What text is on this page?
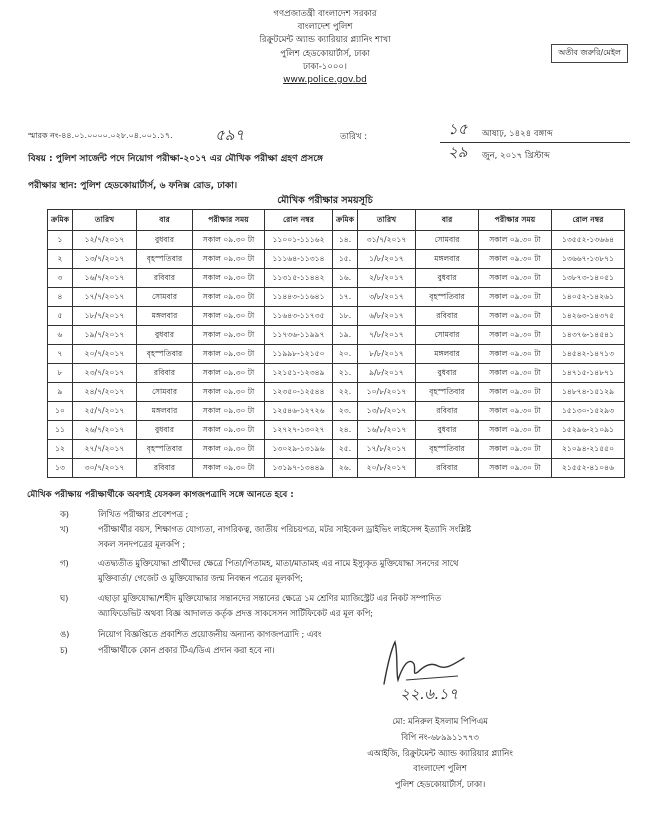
গণপ্রজাতন্ত্রী বাংলাদেশ সরকার
বাংলাদেশ পুলিশ
রিক্রুটমেন্ট অ্যান্ড ক্যারিয়ার প্ল্যানিং শাখা
পুলিশ হেডকোয়ার্টার্স, ঢাকা
ঢাকা-১০০০।
www.police.gov.bd
অতীব জরুরি/মেইল
স্মারক নং-৪৪.০১.০০০০.০২৮.০৪.০০১.১৭.	৫৯৭	তারিখ :	১৫ আষাঢ়, ১৪২৪ বঙ্গাব্দ
২৯ জুন, ২০১৭ খ্রিস্টাব্দ
বিষয় : পুলিশ সার্জেন্ট পদে নিয়োগ পরীক্ষা-২০১৭ এর মৌখিক পরীক্ষা গ্রহণ প্রসঙ্গে
পরীক্ষার স্থান: পুলিশ হেডকোয়ার্টার্স, ৬ ফনিক্স রোড, ঢাকা।
মৌখিক পরীক্ষার সময়সূচি
ক্রমিক	তারিখ	বার	পরীক্ষার সময়	রোল নম্বর	ক্রমিক	তারিখ	বার	পরীক্ষার সময়	রোল নম্বর
১	১২/৭/২০১৭	বুধবার	সকাল ০৯.৩০ টা	১১০০১-১১১৬২	১৪.	৩১/৭/২০১৭	সোমবার	সকাল ০৯.৩০ টা	১৩৫৫২-১৩৬৬৪
২	১৩/৭/২০১৭	বৃহস্পতিবার	সকাল ০৯.৩০ টা	১১১৬৪-১১৩১৪	১৫.	১/৮/২০১৭	মঙ্গলবার	সকাল ০৯.৩০ টা	১৩৬৬৭-১৩৮৭১
৩	১৬/৭/২০১৭	রবিবার	সকাল ০৯.৩০ টা	১১৩১৫-১১৪৪২	১৬.	২/৮/২০১৭	বুধবার	সকাল ০৯.৩০ টা	১৩৮৭৩-১৪০৫১
৪	১৭/৭/২০১৭	সোমবার	সকাল ০৯.৩০ টা	১১৪৪৩-১১৬৪১	১৭.	৩/৮/২০১৭	বৃহস্পতিবার	সকাল ০৯.৩০ টা	১৪০৫২-১৪২৬১
৫	১৮/৭/২০১৭	মঙ্গলবার	সকাল ০৯.৩০ টা	১১৬৪৩-১১৭৩৫	১৮.	৬/৮/২০১৭	রবিবার	সকাল ০৯.৩০ টা	১৪২৬৩-১৪৩৭৫
৬	১৯/৭/২০১৭	বুধবার	সকাল ০৯.৩০ টা	১১৭৩৬-১১৯৯৭	১৯.	৭/৮/২০১৭	সোমবার	সকাল ০৯.৩০ টা	১৪৩৭৬-১৪৫৪১
৭	২০/৭/২০১৭	বৃহস্পতিবার	সকাল ০৯.৩০ টা	১১৯৯৮-১২১৫০	২০.	৮/৮/২০১৭	মঙ্গলবার	সকাল ০৯.৩০ টা	১৪৫৪২-১৪৭১৩
৮	২৩/৭/২০১৭	রবিবার	সকাল ০৯.৩০ টা	১২১৫১-১২৩৪৯	২১.	৯/৮/২০১৭	বুধবার	সকাল ০৯.৩০ টা	১৪৭১৫-১৪৮৭১
৯	২৪/৭/২০১৭	সোমবার	সকাল ০৯.৩০ টা	১২৩৫০-১২৫৪৪	২২.	১০/৮/২০১৭	বৃহস্পতিবার	সকাল ০৯.৩০ টা	১৪৮৭৪-১৫১২৯
১০	২৫/৭/২০১৭	মঙ্গলবার	সকাল ০৯.৩০ টা	১২৫৪৬-১২৭২৬	২৩.	১৩/৮/২০১৭	রবিবার	সকাল ০৯.৩০ টা	১৫১৩০-১৫২৯৩
১১	২৬/৭/২০১৭	বুধবার	সকাল ০৯.৩০ টা	১২৭২৭-১৩০২৭	২৪.	১৬/৮/২০১৭	বুধবার	সকাল ০৯.৩০ টা	১৫২৯৬-২১০৯১
১২	২৭/৭/২০১৭	বৃহস্পতিবার	সকাল ০৯.৩০ টা	১৩০২৯-১৩১৯৬	২৫.	১৭/৮/২০১৭	বৃহস্পতিবার	সকাল ০৯.৩০ টা	২১০৯৪-২১৫৫০
১৩	৩০/৭/২০১৭	রবিবার	সকাল ০৯.৩০ টা	১৩১৯৭-১৩৪৪৯	২৬.	২০/৮/২০১৭	রবিবার	সকাল ০৯.৩০ টা	২১৫৫২-৪১০৪৬
মৌখিক পরীক্ষায় পরীক্ষার্থীকে অবশ্যই যেসকল কাগজপত্রাদি সঙ্গে আনতে হবে :
ক)	লিখিত পরীক্ষার প্রবেশপত্র ;
খ)	পরীক্ষার্থীর বয়স, শিক্ষাগত যোগ্যতা, নাগরিকত্ব, জাতীয় পরিচয়পত্র, মটর সাইকেল ড্রাইভিং লাইসেন্স ইত্যাদি সংশ্লিষ্ট
সকল সনদপত্রের মূলকপি ;
গ)	এতদ্ব্যতীত মুক্তিযোদ্ধা প্রার্থীদের ক্ষেত্রে পিতা/পিতামহ, মাতা/মাতামহ এর নামে ইস্যুকৃত মুক্তিযোদ্ধা সনদের সাথে
মুক্তিবার্তা/ গেজেট ও মুক্তিযোদ্ধার জন্ম নিবন্ধন পত্রের মূলকপি;
ঘ)	এছাড়া মুক্তিযোদ্ধা/শহীদ মুক্তিযোদ্ধার সন্তানদের সন্তানের ক্ষেত্রে ১ম শ্রেণির ম্যাজিস্ট্রেট এর নিকট সম্পাদিত
অ্যাফিডেভিট অথবা বিজ্ঞ আদালত কর্তৃক প্রদত্ত সাকসেসন সার্টিফিকেট এর মূল কপি;
ঙ)	নিয়োগ বিজ্ঞপ্তিতে প্রকাশিত প্রয়োজনীয় অন্যান্য কাগজপত্রাদি ; এবং
চ)	পরীক্ষার্থীকে কোন প্রকার টিএ/ডিএ প্রদান করা হবে না।
২২.৬.১৭
মো: মনিরুল ইসলাম পিপিএম
বিপি নং-৬৮৯৯১১৭৭৩
এআইজি, রিক্রুটমেন্ট অ্যান্ড ক্যারিয়ার প্ল্যানিং
বাংলাদেশ পুলিশ
পুলিশ হেডকোয়ার্টার্স, ঢাকা।
